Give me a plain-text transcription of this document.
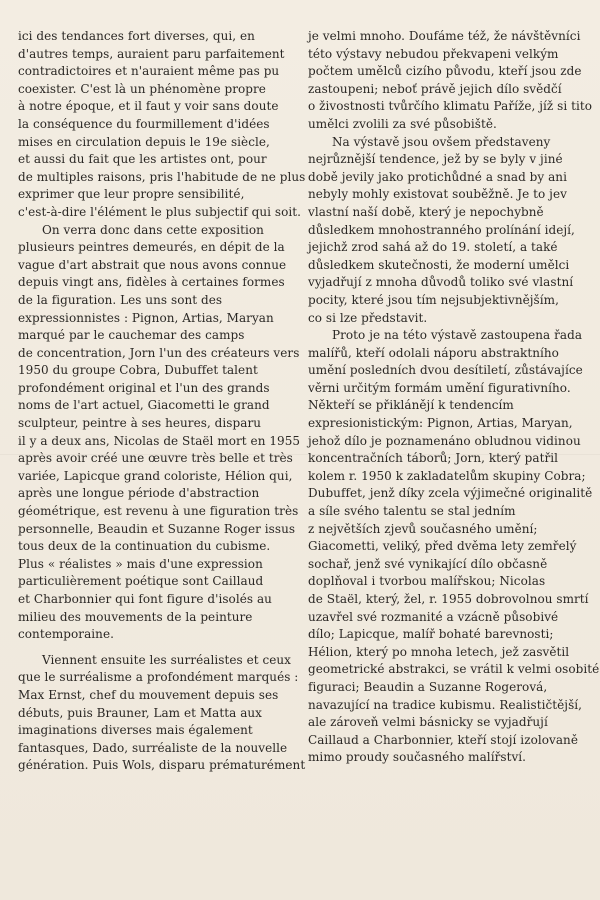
ici des tendances fort diverses, qui, en
d'autres temps, auraient paru parfaitement
contradictoires et n'auraient même pas pu
coexister. C'est là un phénomène propre
à notre époque, et il faut y voir sans doute
la conséquence du fourmillement d'idées
mises en circulation depuis le 19e siècle,
et aussi du fait que les artistes ont, pour
de multiples raisons, pris l'habitude de ne plus
exprimer que leur propre sensibilité,
c'est-à-dire l'élément le plus subjectif qui soit.
On verra donc dans cette exposition
plusieurs peintres demeurés, en dépit de la
vague d'art abstrait que nous avons connue
depuis vingt ans, fidèles à certaines formes
de la figuration. Les uns sont des
expressionnistes : Pignon, Artias, Maryan
marqué par le cauchemar des camps
de concentration, Jorn l'un des créateurs vers
1950 du groupe Cobra, Dubuffet talent
profondément original et l'un des grands
noms de l'art actuel, Giacometti le grand
sculpteur, peintre à ses heures, disparu
il y a deux ans, Nicolas de Staël mort en 1955
après avoir créé une œuvre très belle et très
variée, Lapicque grand coloriste, Hélion qui,
après une longue période d'abstraction
géométrique, est revenu à une figuration très
personnelle, Beaudin et Suzanne Roger issus
tous deux de la continuation du cubisme.
Plus « réalistes » mais d'une expression
particulièrement poétique sont Caillaud
et Charbonnier qui font figure d'isolés au
milieu des mouvements de la peinture
contemporaine.
Viennent ensuite les surréalistes et ceux
que le surréalisme a profondément marqués :
Max Ernst, chef du mouvement depuis ses
débuts, puis Brauner, Lam et Matta aux
imaginations diverses mais également
fantasques, Dado, surréaliste de la nouvelle
génération. Puis Wols, disparu prématurément
je velmi mnoho. Doufáme též, že návštěvníci
této výstavy nebudou překvapeni velkým
počtem umělců cizího původu, kteří jsou zde
zastoupeni; neboť právě jejich dílo svědčí
o živostnosti tvůrčího klimatu Paříže, jíž si tito
umělci zvolili za své působiště.
Na výstavě jsou ovšem představeny
nejrůznější tendence, jež by se byly v jiné
době jevily jako protichůdné a snad by ani
nebyly mohly existovat souběžně. Je to jev
vlastní naší době, který je nepochybně
důsledkem mnohostranného prolínání idejí,
jejichž zrod sahá až do 19. století, a také
důsledkem skutečnosti, že moderní umělci
vyjadřují z mnoha důvodů toliko své vlastní
pocity, které jsou tím nejsubjektivnějším,
co si lze představit.
Proto je na této výstavě zastoupena řada
malířů, kteří odolali náporu abstraktního
umění posledních dvou desítiletí, zůstávajíce
věrni určitým formám umění figurativního.
Někteří se přiklánějí k tendencím
expresionistickým: Pignon, Artias, Maryan,
jehož dílo je poznamenáno obludnou vidinou
koncentračních táborů; Jorn, který patřil
kolem r. 1950 k zakladatelům skupiny Cobra;
Dubuffet, jenž díky zcela výjimečné originalitě
a síle svého talentu se stal jedním
z největších zjevů současného umění;
Giacometti, veliký, před dvěma lety zemřelý
sochař, jenž své vynikající dílo občasně
doplňoval i tvorbou malířskou; Nicolas
de Staël, který, žel, r. 1955 dobrovolnou smrtí
uzavřel své rozmanité a vzácně působivé
dílo; Lapicque, malíř bohaté barevnosti;
Hélion, který po mnoha letech, jež zasvětil
geometrické abstrakci, se vrátil k velmi osobité
figuraci; Beaudin a Suzanne Rogerová,
navazující na tradice kubismu. Realističtější,
ale zároveň velmi básnicky se vyjadřují
Caillaud a Charbonnier, kteří stojí izolovaně
mimo proudy současného malířství.
